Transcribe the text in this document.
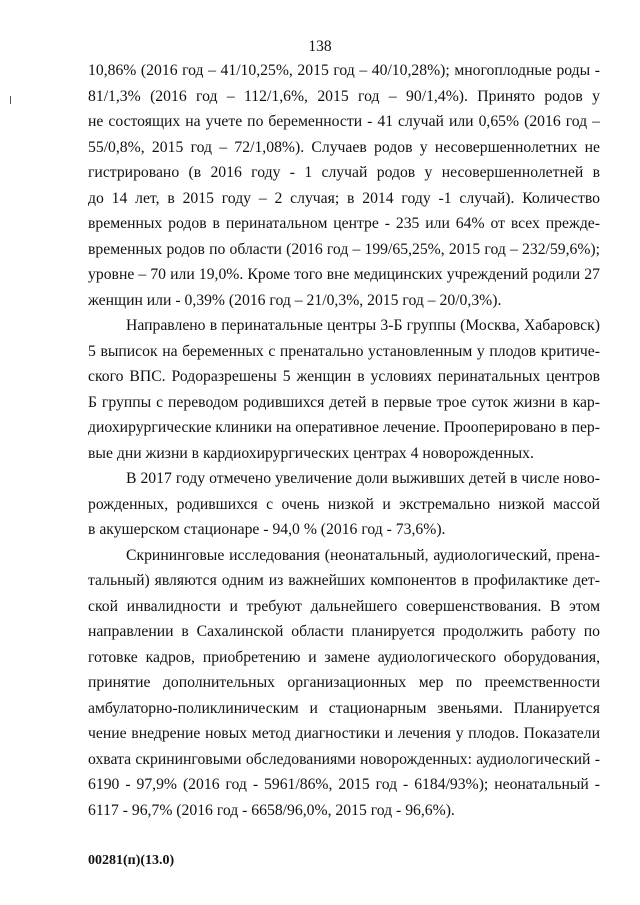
138
10,86% (2016 год – 41/10,25%, 2015 год – 40/10,28%); многоплодные роды -
81/1,3% (2016 год – 112/1,6%, 2015 год – 90/1,4%). Принято родов у
не состоящих на учете по беременности - 41 случай или 0,65% (2016 год –
55/0,8%, 2015 год – 72/1,08%). Случаев родов у несовершеннолетних не
гистрировано (в 2016 году - 1 случай родов у несовершеннолетней в
до 14 лет, в 2015 году – 2 случая; в 2014 году -1 случай). Количество
временных родов в перинатальном центре - 235 или 64% от всех прежде-
временных родов по области (2016 год – 199/65,25%, 2015 год – 232/59,6%);
уровне – 70 или 19,0%. Кроме того вне медицинских учреждений родили 27
женщин или - 0,39% (2016 год – 21/0,3%, 2015 год – 20/0,3%).
Направлено в перинатальные центры 3-Б группы (Москва, Хабаровск)
5 выписок на беременных с пренатально установленным у плодов критиче-
ского ВПС. Родоразрешены 5 женщин в условиях перинатальных центров
Б группы с переводом родившихся детей в первые трое суток жизни в кар-
диохирургические клиники на оперативное лечение. Прооперировано в пер-
вые дни жизни в кардиохирургических центрах 4 новорожденных.
В 2017 году отмечено увеличение доли выживших детей в числе ново-
рожденных, родившихся с очень низкой и экстремально низкой массой
в акушерском стационаре - 94,0 % (2016 год - 73,6%).
Скрининговые исследования (неонатальный, аудиологический, прена-
тальный) являются одним из важнейших компонентов в профилактике дет-
ской инвалидности и требуют дальнейшего совершенствования. В этом
направлении в Сахалинской области планируется продолжить работу по
готовке кадров, приобретению и замене аудиологического оборудования,
принятие дополнительных организационных мер по преемственности
амбулаторно-поликлиническим и стационарным звеньями. Планируется
чение внедрение новых метод диагностики и лечения у плодов. Показатели
охвата скрининговыми обследованиями новорожденных: аудиологический -
6190 - 97,9% (2016 год - 5961/86%, 2015 год - 6184/93%); неонатальный -
6117 - 96,7% (2016 год - 6658/96,0%, 2015 год - 96,6%).
00281(п)(13.0)
